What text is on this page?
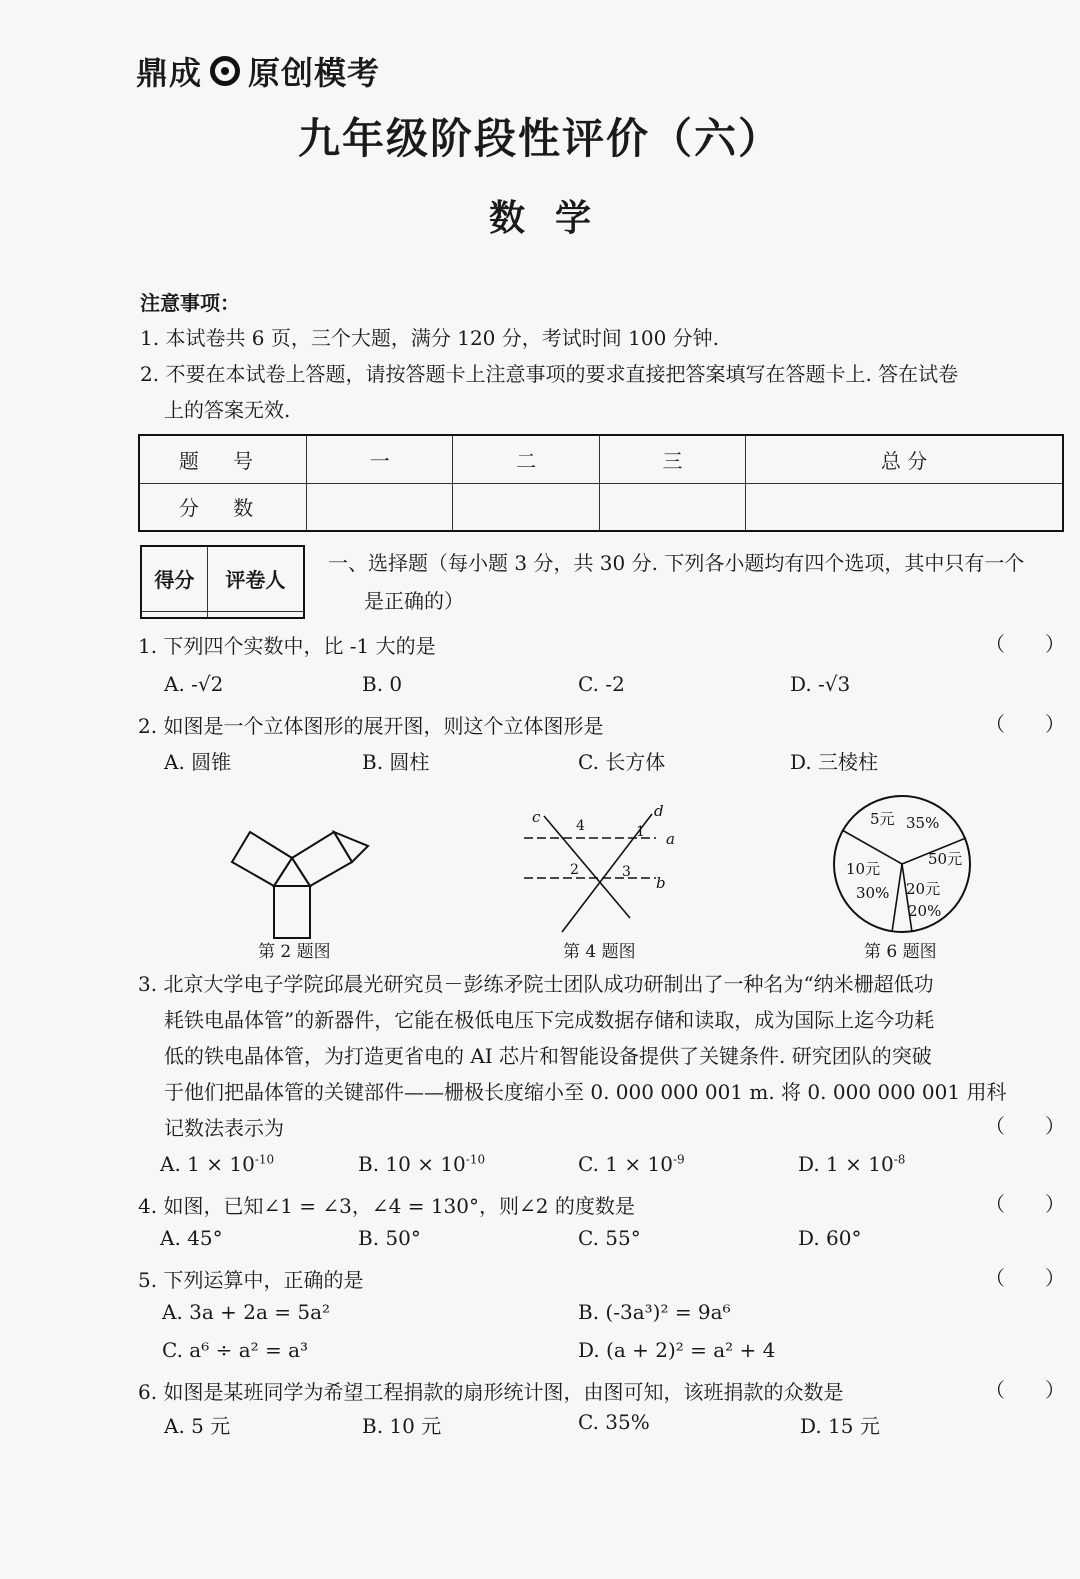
鼎成 原创模考
九年级阶段性评价（六）
数学
注意事项：
1. 本试卷共 6 页，三个大题，满分 120 分，考试时间 100 分钟.
2. 不要在本试卷上答题，请按答题卡上注意事项的要求直接把答案填写在答题卡上. 答在试卷
上的答案无效.
题 号	一	二	三	总 分
分 数				
得分	评卷人

一、选择题（每小题 3 分，共 30 分. 下列各小题均有四个选项，其中只有一个
是正确的）
1. 下列四个实数中，比 -1 大的是	（　　）
A. -√2	B. 0	C. -2	D. -√3
2. 如图是一个立体图形的展开图，则这个立体图形是	（　　）
A. 圆锥	B. 圆柱	C. 长方体	D. 三棱柱
第 2 题图
c	d
a
b
4	1
2	3
第 4 题图
5元 35%
50元
20元
20%
10元
30%
第 6 题图
3. 北京大学电子学院邱晨光研究员－彭练矛院士团队成功研制出了一种名为“纳米栅超低功
耗铁电晶体管”的新器件，它能在极低电压下完成数据存储和读取，成为国际上迄今功耗
低的铁电晶体管，为打造更省电的 AI 芯片和智能设备提供了关键条件. 研究团队的突破
于他们把晶体管的关键部件——栅极长度缩小至 0. 000 000 001 m. 将 0. 000 000 001 用科
记数法表示为	（　　）
A. $1 \times 10^{-10}$	B. $10 \times 10^{-10}$	C. $1 \times 10^{-9}$	D. $1 \times 10^{-8}$
4. 如图，已知∠1 = ∠3，∠4 = 130°，则∠2 的度数是	（　　）
A. 45°	B. 50°	C. 55°	D. 60°
5. 下列运算中，正确的是	（　　）
A. 3a + 2a = 5a²	B. (-3a³)² = 9a⁶
C. a⁶ ÷ a² = a³	D. (a + 2)² = a² + 4
6. 如图是某班同学为希望工程捐款的扇形统计图，由图可知，该班捐款的众数是	（　　）
A. 5 元	B. 10 元	C. 35%	D. 15 元
